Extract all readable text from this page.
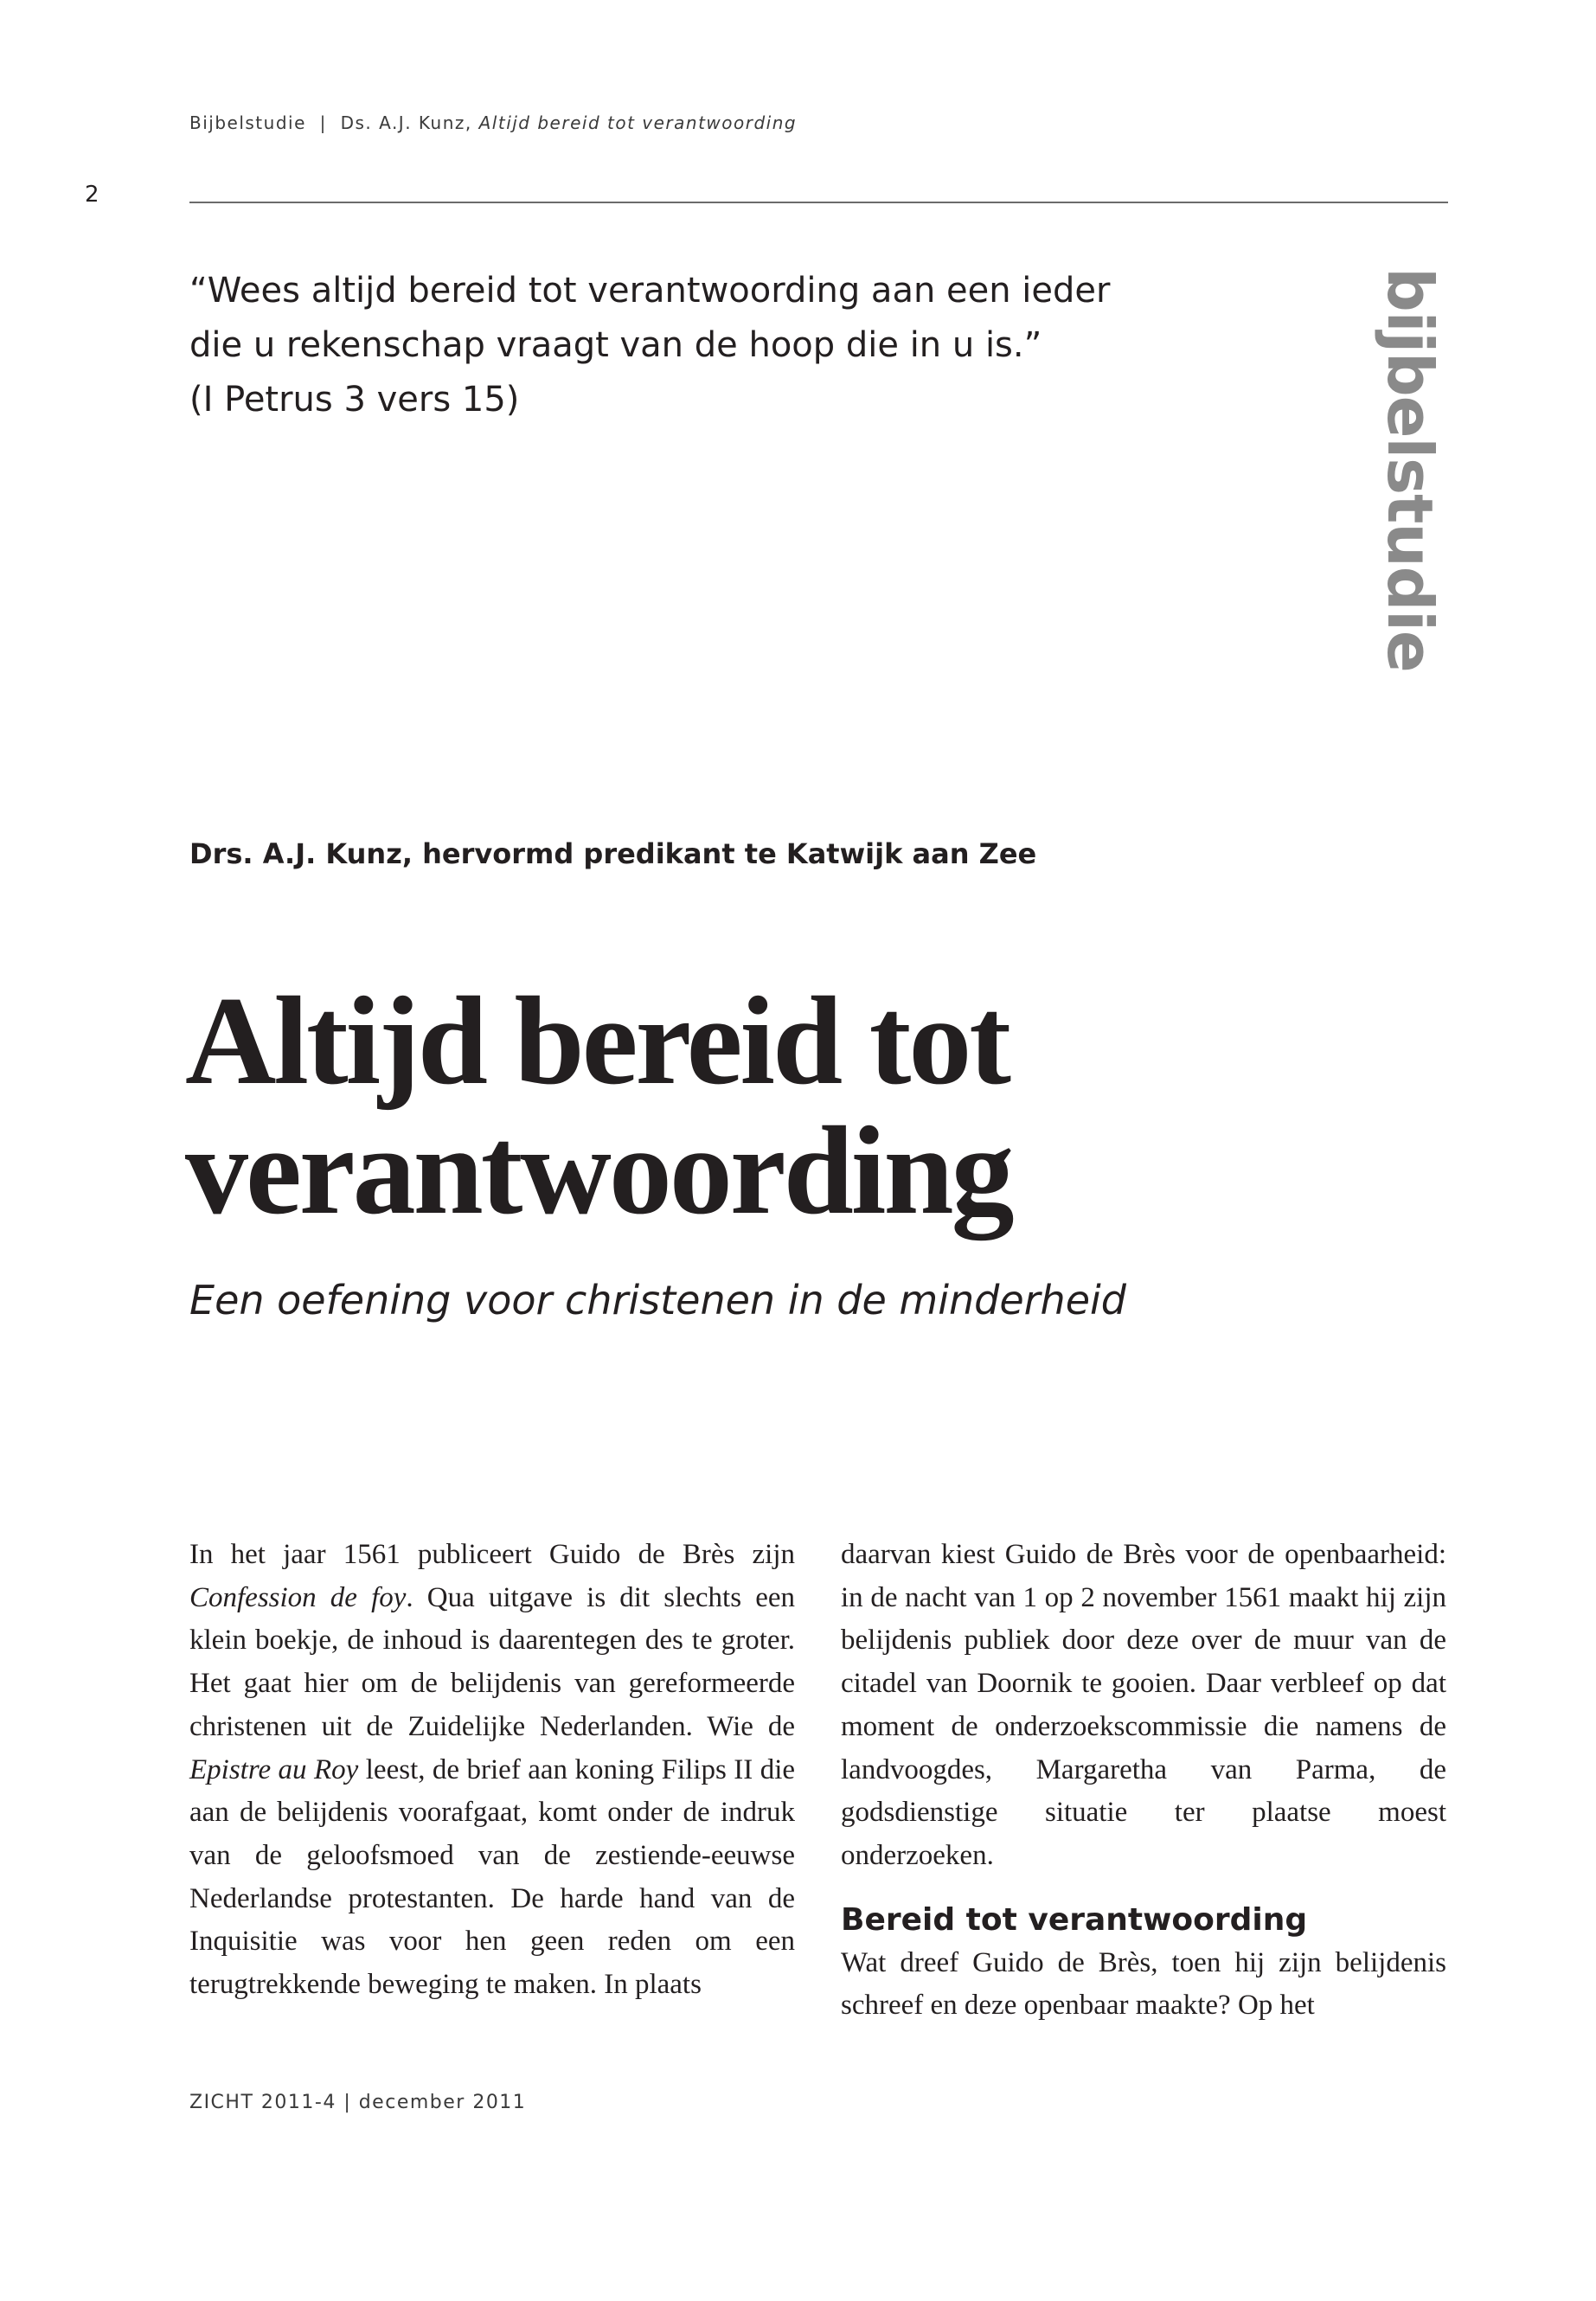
Bijbelstudie | Ds. A.J. Kunz, Altijd bereid tot verantwoording
2
“Wees altijd bereid tot verantwoording aan een ieder
die u rekenschap vraagt van de hoop die in u is.”
(I Petrus 3 vers 15)	bijbelstudie
Drs. A.J. Kunz, hervormd predikant te Katwijk aan Zee
Altijd bereid tot
verantwoording
Een oefening voor christenen in de minderheid

In het jaar 1561 publiceert Guido de Brès zijn Confession de foy. Qua uitgave is dit slechts een klein boekje, de inhoud is daarentegen des te groter. Het gaat hier om de belijdenis van gereformeerde christenen uit de Zuidelijke Nederlanden. Wie de Epistre au Roy leest, de brief aan koning Filips II die aan de belijdenis voorafgaat, komt onder de indruk van de geloofsmoed van de zestiende-eeuwse Nederlandse protestanten. De harde hand van de Inquisitie was voor hen geen reden om een terugtrekkende beweging te maken. In plaats

daarvan kiest Guido de Brès voor de openbaarheid: in de nacht van 1 op 2 november 1561 maakt hij zijn belijdenis publiek door deze over de muur van de citadel van Doornik te gooien. Daar verbleef op dat moment de onderzoekscommissie die namens de landvoogdes, Margaretha van Parma, de godsdienstige situatie ter plaatse moest onderzoeken.

Bereid tot verantwoording

Wat dreef Guido de Brès, toen hij zijn belijdenis schreef en deze openbaar maakte? Op het

ZICHT 2011-4 | december 2011
